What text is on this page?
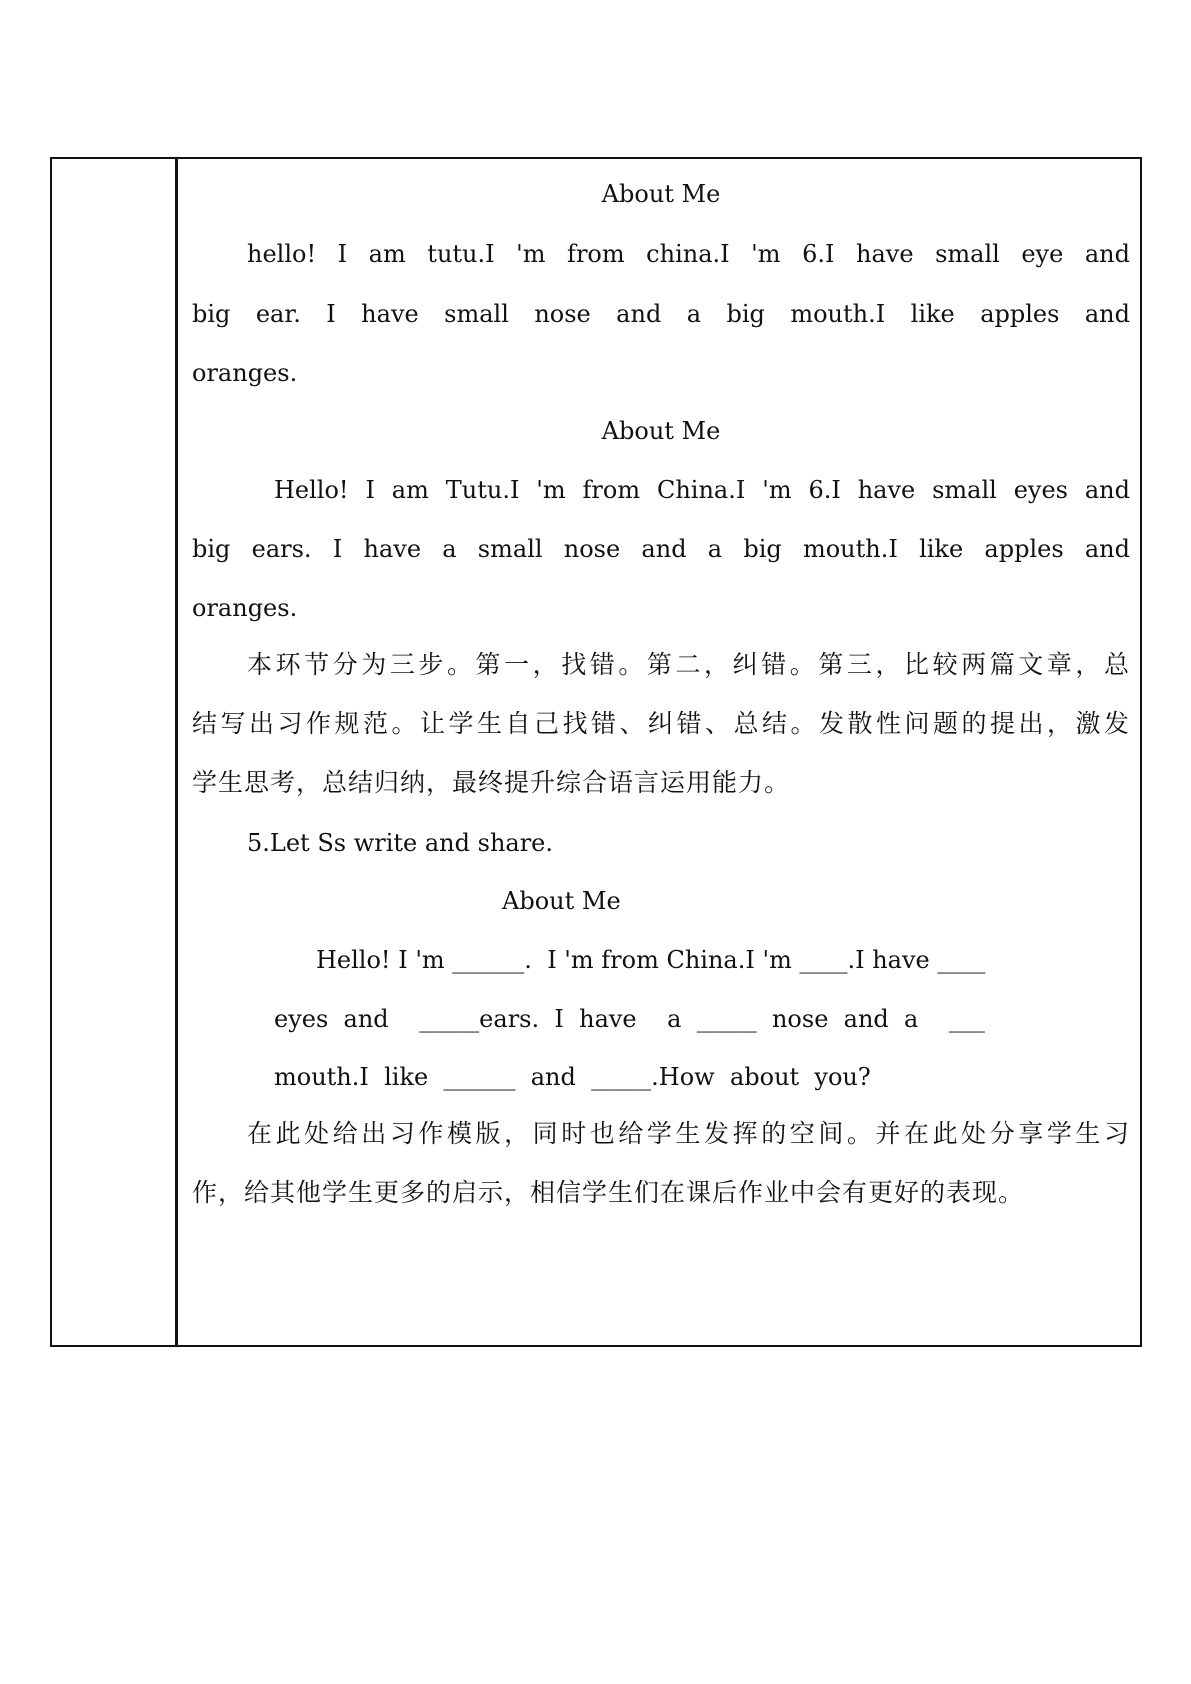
About Me
hello! I am tutu.I 'm from china.I 'm 6.I have small eye and
big ear. I have small nose and a big mouth.I like apples and
oranges.
About Me
Hello! I am Tutu.I 'm from China.I 'm 6.I have small eyes and
big ears. I have a small nose and a big mouth.I like apples and
oranges.
本环节分为三步。第一，找错。第二，纠错。第三，比较两篇文章，总
结写出习作规范。让学生自己找错、纠错、总结。发散性问题的提出，激发
学生思考，总结归纳，最终提升综合语言运用能力。
5.Let Ss write and share.
About Me
Hello! I 'm ______.  I 'm from China.I 'm ____.I have ____
eyes  and    _____ears.  I  have    a  _____  nose  and  a    ___
mouth.I  like  ______  and  _____.How  about  you?
在此处给出习作模版，同时也给学生发挥的空间。并在此处分享学生习
作，给其他学生更多的启示，相信学生们在课后作业中会有更好的表现。
